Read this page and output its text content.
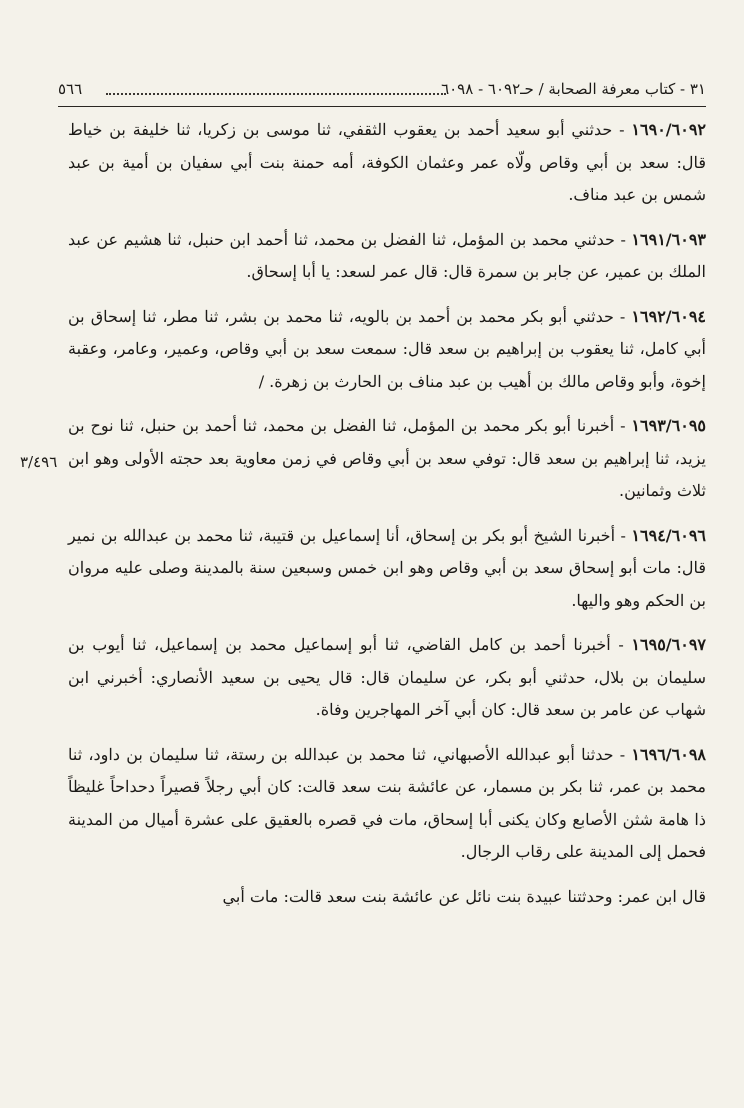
٣١ - كتاب معرفة الصحابة / حـ٦٠٩٢ - ٦٠٩٨
٥٦٦
٣/٤٩٦

١٦٩٠/٦٠٩٢ - حدثني أبو سعيد أحمد بن يعقوب الثقفي، ثنا موسى بن زكريا، ثنا خليفة بن خياط قال: سعد بن أبي وقاص ولّاه عمر وعثمان الكوفة، أمه حمنة بنت أبي سفيان بن أمية بن عبد شمس بن عبد مناف.

١٦٩١/٦٠٩٣ - حدثني محمد بن المؤمل، ثنا الفضل بن محمد، ثنا أحمد ابن حنبل، ثنا هشيم عن عبد الملك بن عمير، عن جابر بن سمرة قال: قال عمر لسعد: يا أبا إسحاق.

١٦٩٢/٦٠٩٤ - حدثني أبو بكر محمد بن أحمد بن بالويه، ثنا محمد بن بشر، ثنا مطر، ثنا إسحاق بن أبي كامل، ثنا يعقوب بن إبراهيم بن سعد قال: سمعت سعد بن أبي وقاص، وعمير، وعامر، وعقبة إخوة، وأبو وقاص مالك بن أهيب بن عبد مناف بن الحارث بن زهرة. /

١٦٩٣/٦٠٩٥ - أخبرنا أبو بكر محمد بن المؤمل، ثنا الفضل بن محمد، ثنا أحمد بن حنبل، ثنا نوح بن يزيد، ثنا إبراهيم بن سعد قال: توفي سعد بن أبي وقاص في زمن معاوية بعد حجته الأولى وهو ابن ثلاث وثمانين.

١٦٩٤/٦٠٩٦ - أخبرنا الشيخ أبو بكر بن إسحاق، أنا إسماعيل بن قتيبة، ثنا محمد بن عبدالله بن نمير قال: مات أبو إسحاق سعد بن أبي وقاص وهو ابن خمس وسبعين سنة بالمدينة وصلى عليه مروان بن الحكم وهو واليها.

١٦٩٥/٦٠٩٧ - أخبرنا أحمد بن كامل القاضي، ثنا أبو إسماعيل محمد بن إسماعيل، ثنا أيوب بن سليمان بن بلال، حدثني أبو بكر، عن سليمان قال: قال يحيى بن سعيد الأنصاري: أخبرني ابن شهاب عن عامر بن سعد قال: كان أبي آخر المهاجرين وفاة.

١٦٩٦/٦٠٩٨ - حدثنا أبو عبدالله الأصبهاني، ثنا محمد بن عبدالله بن رستة، ثنا سليمان بن داود، ثنا محمد بن عمر، ثنا بكر بن مسمار، عن عائشة بنت سعد قالت: كان أبي رجلاً قصيراً دحداحاً غليظاً ذا هامة شثن الأصابع وكان يكنى أبا إسحاق، مات في قصره بالعقيق على عشرة أميال من المدينة فحمل إلى المدينة على رقاب الرجال.

قال ابن عمر: وحدثتنا عبيدة بنت نائل عن عائشة بنت سعد قالت: مات أبي
